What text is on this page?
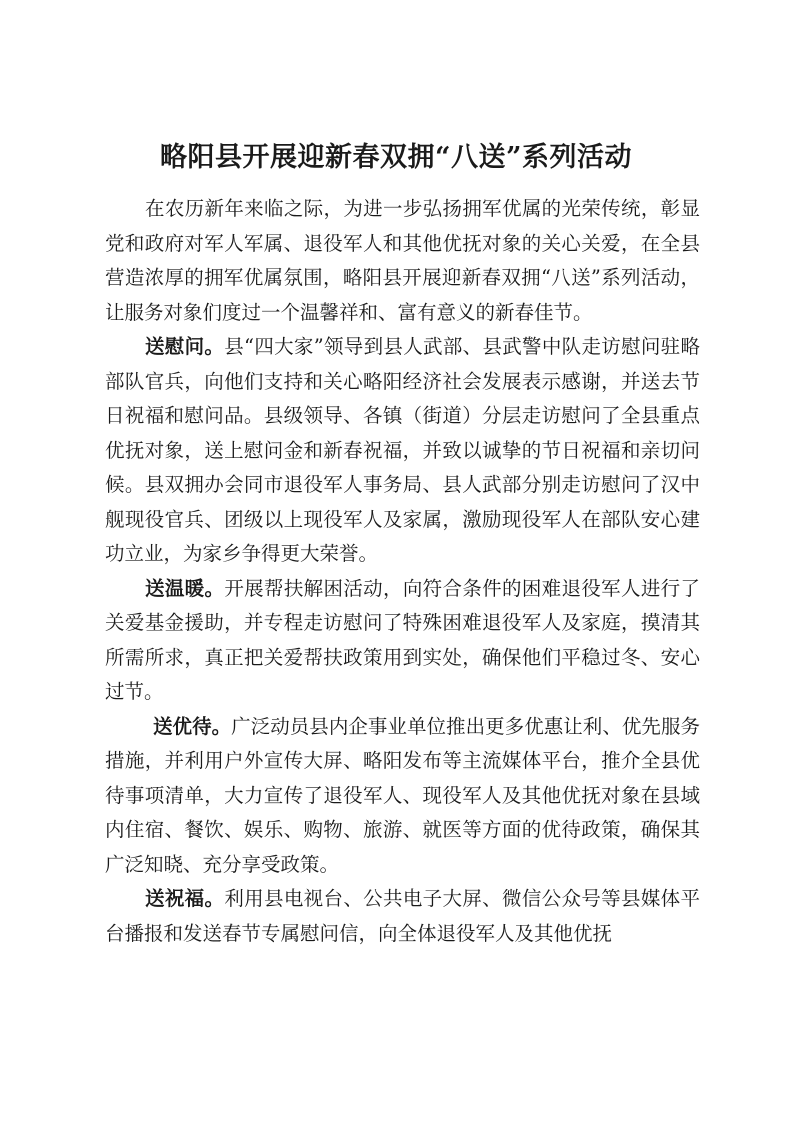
略阳县开展迎新春双拥“八送”系列活动

在农历新年来临之际，为进一步弘扬拥军优属的光荣传统，彰显党和政府对军人军属、退役军人和其他优抚对象的关心关爱，在全县营造浓厚的拥军优属氛围，略阳县开展迎新春双拥“八送”系列活动，让服务对象们度过一个温馨祥和、富有意义的新春佳节。

送慰问。县“四大家”领导到县人武部、县武警中队走访慰问驻略部队官兵，向他们支持和关心略阳经济社会发展表示感谢，并送去节日祝福和慰问品。县级领导、各镇（街道）分层走访慰问了全县重点优抚对象，送上慰问金和新春祝福，并致以诚挚的节日祝福和亲切问候。县双拥办会同市退役军人事务局、县人武部分别走访慰问了汉中舰现役官兵、团级以上现役军人及家属，激励现役军人在部队安心建功立业，为家乡争得更大荣誉。

送温暖。开展帮扶解困活动，向符合条件的困难退役军人进行了关爱基金援助，并专程走访慰问了特殊困难退役军人及家庭，摸清其所需所求，真正把关爱帮扶政策用到实处，确保他们平稳过冬、安心过节。

送优待。广泛动员县内企事业单位推出更多优惠让利、优先服务措施，并利用户外宣传大屏、略阳发布等主流媒体平台，推介全县优待事项清单，大力宣传了退役军人、现役军人及其他优抚对象在县域内住宿、餐饮、娱乐、购物、旅游、就医等方面的优待政策，确保其广泛知晓、充分享受政策。

送祝福。利用县电视台、公共电子大屏、微信公众号等县媒体平台播报和发送春节专属慰问信，向全体退役军人及其他优抚
